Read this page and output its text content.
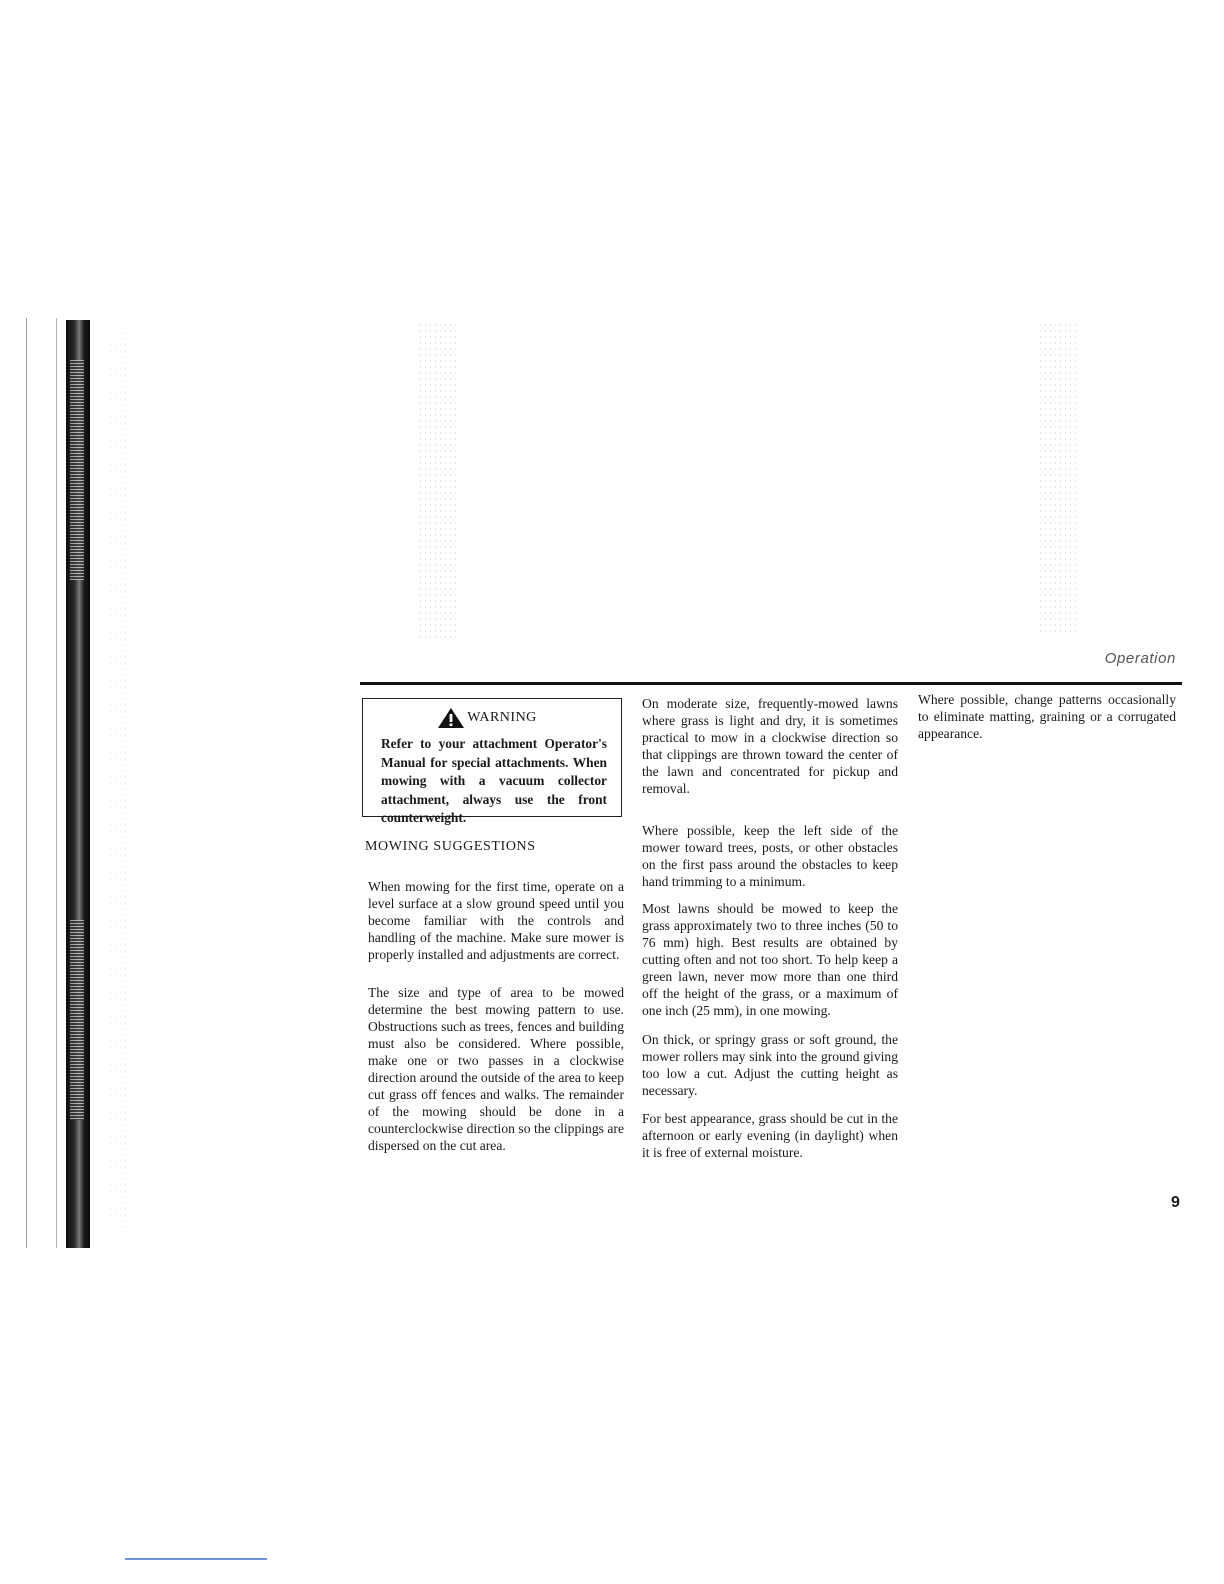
Operation
WARNING
Refer to your attachment Operator's Manual for special attachments. When mowing with a vacuum collector attachment, always use the front counterweight.
MOWING SUGGESTIONS

When mowing for the first time, operate on a level surface at a slow ground speed until you become familiar with the controls and handling of the machine. Make sure mower is properly installed and adjustments are correct.

The size and type of area to be mowed determine the best mowing pattern to use. Obstructions such as trees, fences and building must also be considered. Where possible, make one or two passes in a clockwise direction around the outside of the area to keep cut grass off fences and walks. The remainder of the mowing should be done in a counterclockwise direction so the clippings are dispersed on the cut area.

On moderate size, frequently-mowed lawns where grass is light and dry, it is sometimes practical to mow in a clockwise direction so that clippings are thrown toward the center of the lawn and concentrated for pickup and removal.

Where possible, keep the left side of the mower toward trees, posts, or other obstacles on the first pass around the obstacles to keep hand trimming to a minimum.

Most lawns should be mowed to keep the grass approximately two to three inches (50 to 76 mm) high. Best results are obtained by cutting often and not too short. To help keep a green lawn, never mow more than one third off the height of the grass, or a maximum of one inch (25 mm), in one mowing.

On thick, or springy grass or soft ground, the mower rollers may sink into the ground giving too low a cut. Adjust the cutting height as necessary.

For best appearance, grass should be cut in the afternoon or early evening (in daylight) when it is free of external moisture.

Where possible, change patterns occasionally to eliminate matting, graining or a corrugated appearance.

9
